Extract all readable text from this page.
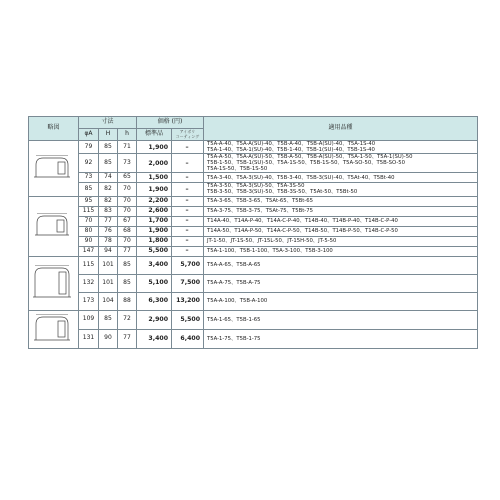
略図	寸法			価格 (円)		適用品種
	φA	H	h	標準品	アイボリ
コーティング	

	79	85	71	1,900	–	T5A-A-40、T5A-A(SU)-40、T5B-A-40、T5B-A(SU)-40、T5A-1S-40
T5A-1-40、T5A-1(SU)-40、T5B-1-40、T5B-1(SU)-40、T5B-1S-40

	92	85	73	2,000	–	T5A-A-50、T5A-A(SU)-50、T5B-A-50、T5B-A(SU)-50、T5A-1-50、T5A-1(SU)-50
T5B-1-50、T5B-1(SU)-50、T5A-1S-50、T5B-1S-50、T5A-SO-50、T5B-SO-50
T5A-1S-50、T5B-1S-50

	73	74	65	1,500	–	T5A-3-40、T5A-3(SU)-40、T5B-3-40、T5B-3(SU)-40、T5At-40、T5Bt-40

	85	82	70	1,900	–	T5A-3-50、T5A-3(SU)-50、T5A-3S-50
T5B-3-50、T5B-3(SU)-50、T5B-3S-50、T5At-50、T5Bt-50

	95	82	70	2,200	–	T5A-3-65、T5B-3-65、T5At-65、T5Bt-65

	115	83	70	2,600	–	T5A-3-75、T5B-3-75、T5At-75、T5Bt-75

	70	77	67	1,700	–	T14A-40、T14A-P-40、T14A-C-P-40、T14B-40、T14B-P-40、T14B-C-P-40

	80	76	68	1,900	–	T14A-50、T14A-P-50、T14A-C-P-50、T14B-50、T14B-P-50、T14B-C-P-50

	90	78	70	1,800	–	JT-1-50、JT-1S-50、JT-15L-50、JT-15H-50、JT-5-50

	147	94	77	5,500	–	T5A-1-100、T5B-1-100、T5A-3-100、T5B-3-100

	115	101	85	3,400	5,700	T5A-A-65、T5B-A-65

	132	101	85	5,100	7,500	T5A-A-75、T5B-A-75

	173	104	88	6,300	13,200	T5A-A-100、T5B-A-100

	109	85	72	2,900	5,500	T5A-1-65、T5B-1-65

	131	90	77	3,400	6,400	T5A-1-75、T5B-1-75
